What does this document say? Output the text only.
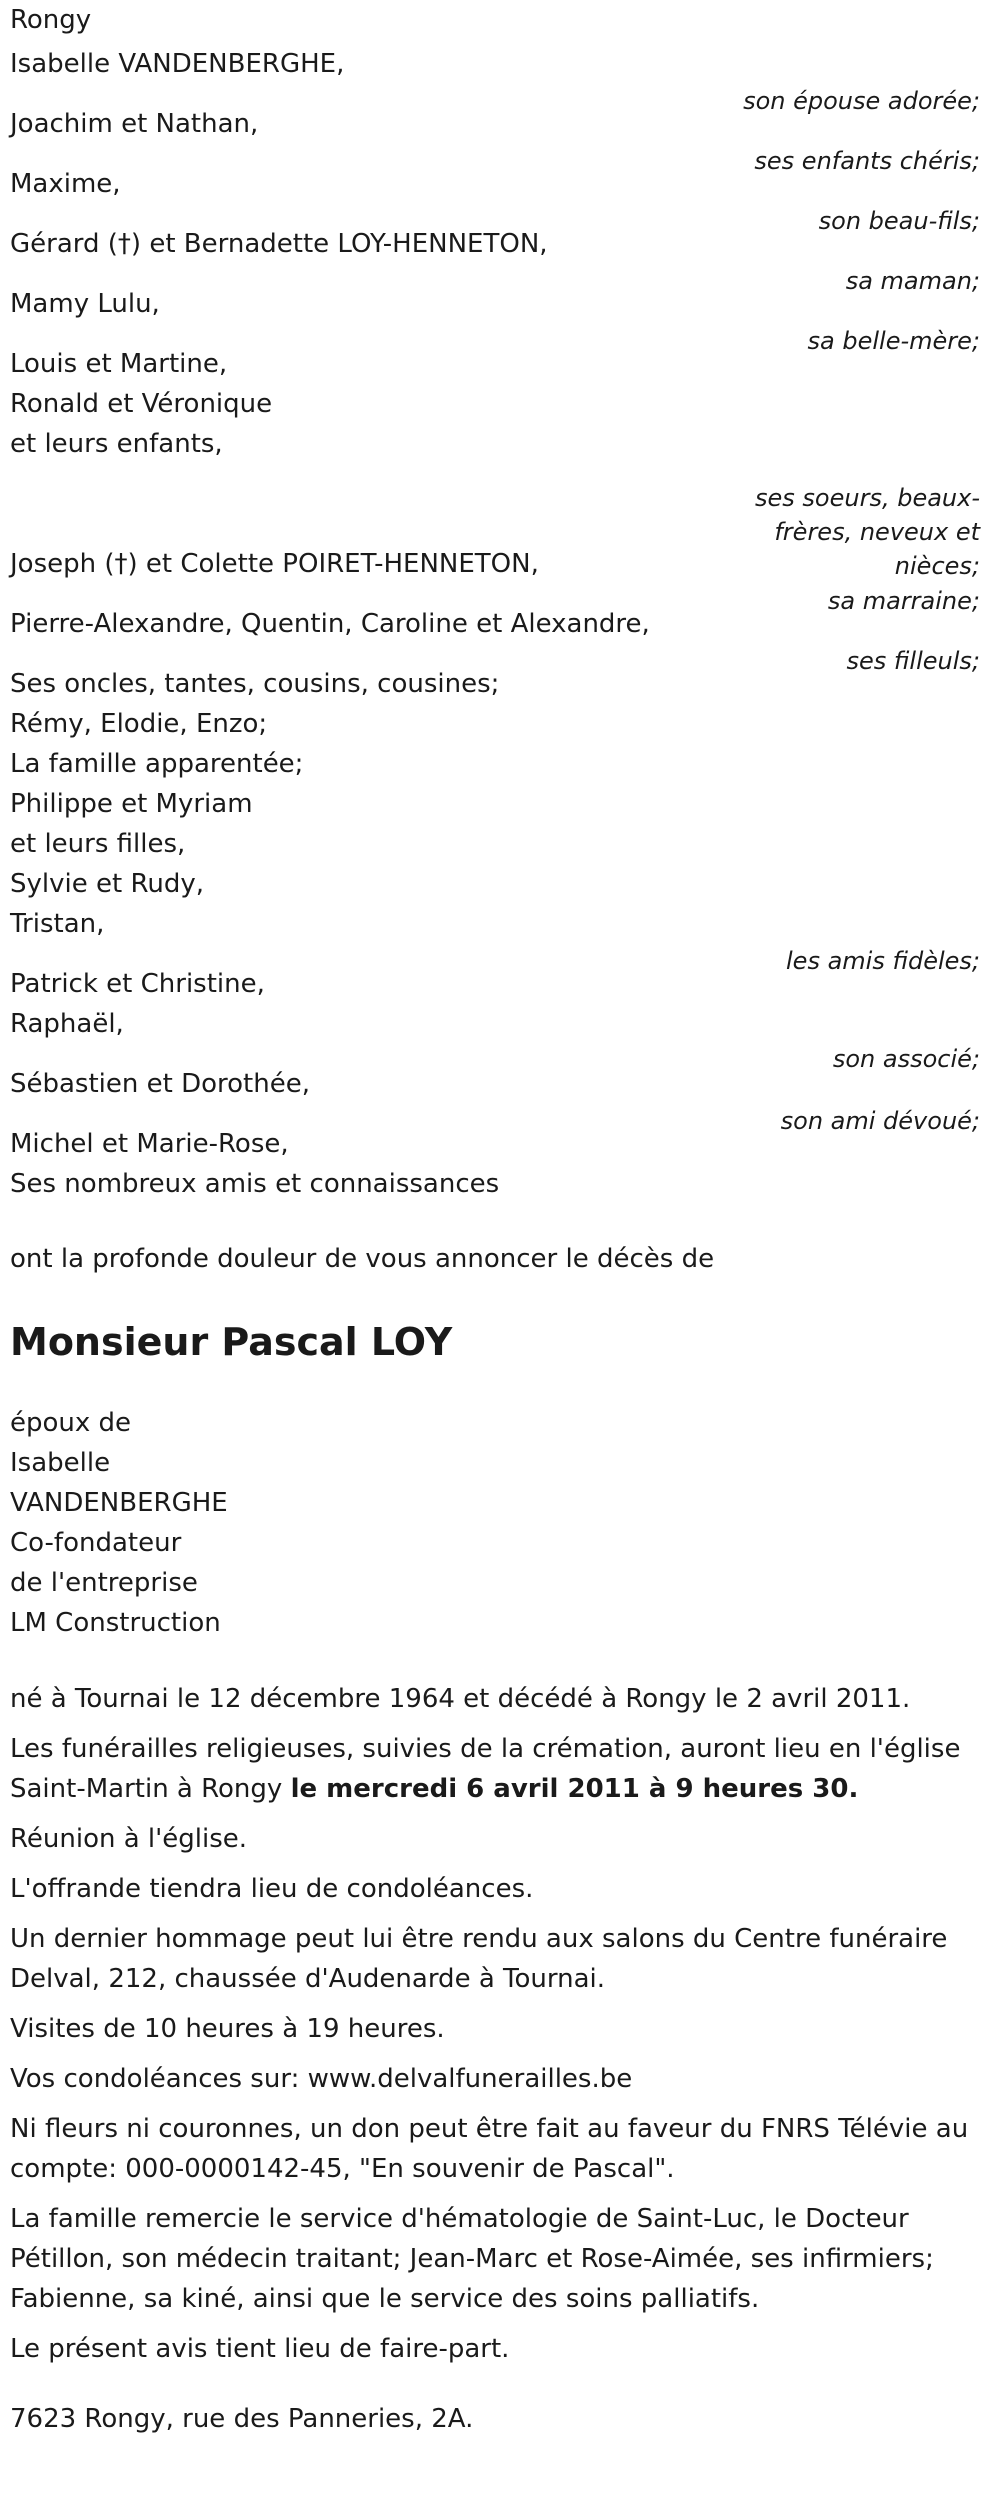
Rongy
Isabelle VANDENBERGHE,
son épouse adorée;
Joachim et Nathan,
ses enfants chéris;
Maxime,
son beau-fils;
Gérard (†) et Bernadette LOY-HENNETON,
sa maman;
Mamy Lulu,
sa belle-mère;
Louis et Martine,
Ronald et Véronique
et leurs enfants,
ses soeurs, beaux-frères, neveux et nièces;
Joseph (†) et Colette POIRET-HENNETON,
sa marraine;
Pierre-Alexandre, Quentin, Caroline et Alexandre,
ses filleuls;
Ses oncles, tantes, cousins, cousines;
Rémy, Elodie, Enzo;
La famille apparentée;
Philippe et Myriam
et leurs filles,
Sylvie et Rudy,
Tristan,
les amis fidèles;
Patrick et Christine,
Raphaël,
son associé;
Sébastien et Dorothée,
son ami dévoué;
Michel et Marie-Rose,
Ses nombreux amis et connaissances
ont la profonde douleur de vous annoncer le décès de
Monsieur Pascal LOY
époux de
Isabelle
VANDENBERGHE
Co-fondateur
de l'entreprise
LM Construction
né à Tournai le 12 décembre 1964 et décédé à Rongy le 2 avril 2011.
Les funérailles religieuses, suivies de la crémation, auront lieu en l'église Saint-Martin à Rongy le mercredi 6 avril 2011 à 9 heures 30.
Réunion à l'église.
L'offrande tiendra lieu de condoléances.
Un dernier hommage peut lui être rendu aux salons du Centre funéraire Delval, 212, chaussée d'Audenarde à Tournai.
Visites de 10 heures à 19 heures.
Vos condoléances sur: www.delvalfunerailles.be
Ni fleurs ni couronnes, un don peut être fait au faveur du FNRS Télévie au compte: 000-0000142-45, "En souvenir de Pascal".
La famille remercie le service d'hématologie de Saint-Luc, le Docteur Pétillon, son médecin traitant; Jean-Marc et Rose-Aimée, ses infirmiers; Fabienne, sa kiné, ainsi que le service des soins palliatifs.
Le présent avis tient lieu de faire-part.
7623 Rongy, rue des Panneries, 2A.
